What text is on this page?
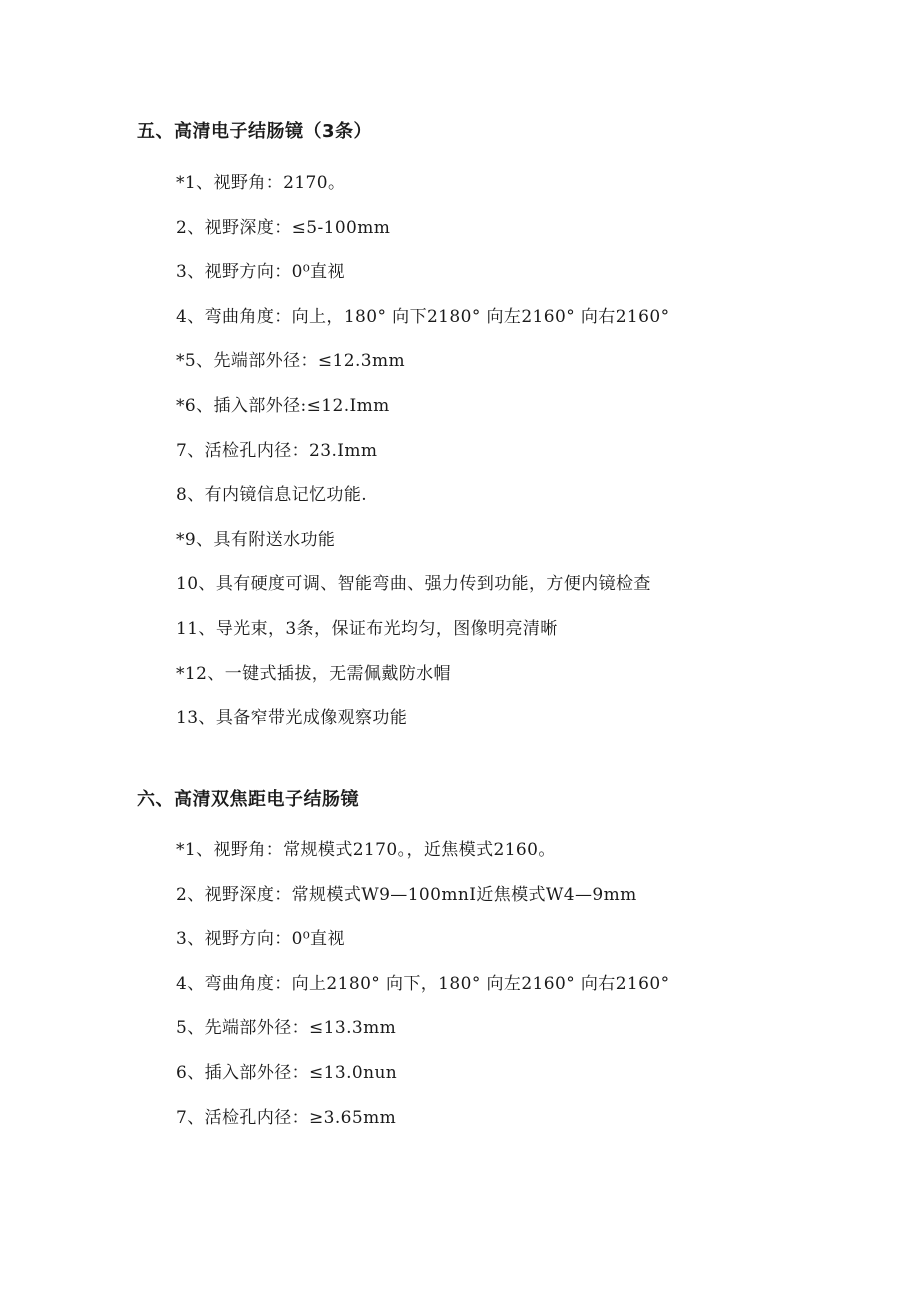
五、高清电子结肠镜（3条）
*1、视野角：2170。
2、视野深度：≤5-100mm
3、视野方向：0⁰直视
4、弯曲角度：向上，180° 向下2180° 向左2160° 向右2160°
*5、先端部外径：≤12.3mm
*6、插入部外径:≤12.Imm
7、活检孔内径：23.Imm
8、有内镜信息记忆功能.
*9、具有附送水功能
10、具有硬度可调、智能弯曲、强力传到功能，方便内镜检查
11、导光束，3条，保证布光均匀，图像明亮清晰
*12、一键式插拔，无需佩戴防水帽
13、具备窄带光成像观察功能
六、高清双焦距电子结肠镜
*1、视野角：常规模式2170。，近焦模式2160。
2、视野深度：常规模式W9—100mnI近焦模式W4—9mm
3、视野方向：0⁰直视
4、弯曲角度：向上2180° 向下，180° 向左2160° 向右2160°
5、先端部外径：≤13.3mm
6、插入部外径：≤13.0nun
7、活检孔内径：≥3.65mm
